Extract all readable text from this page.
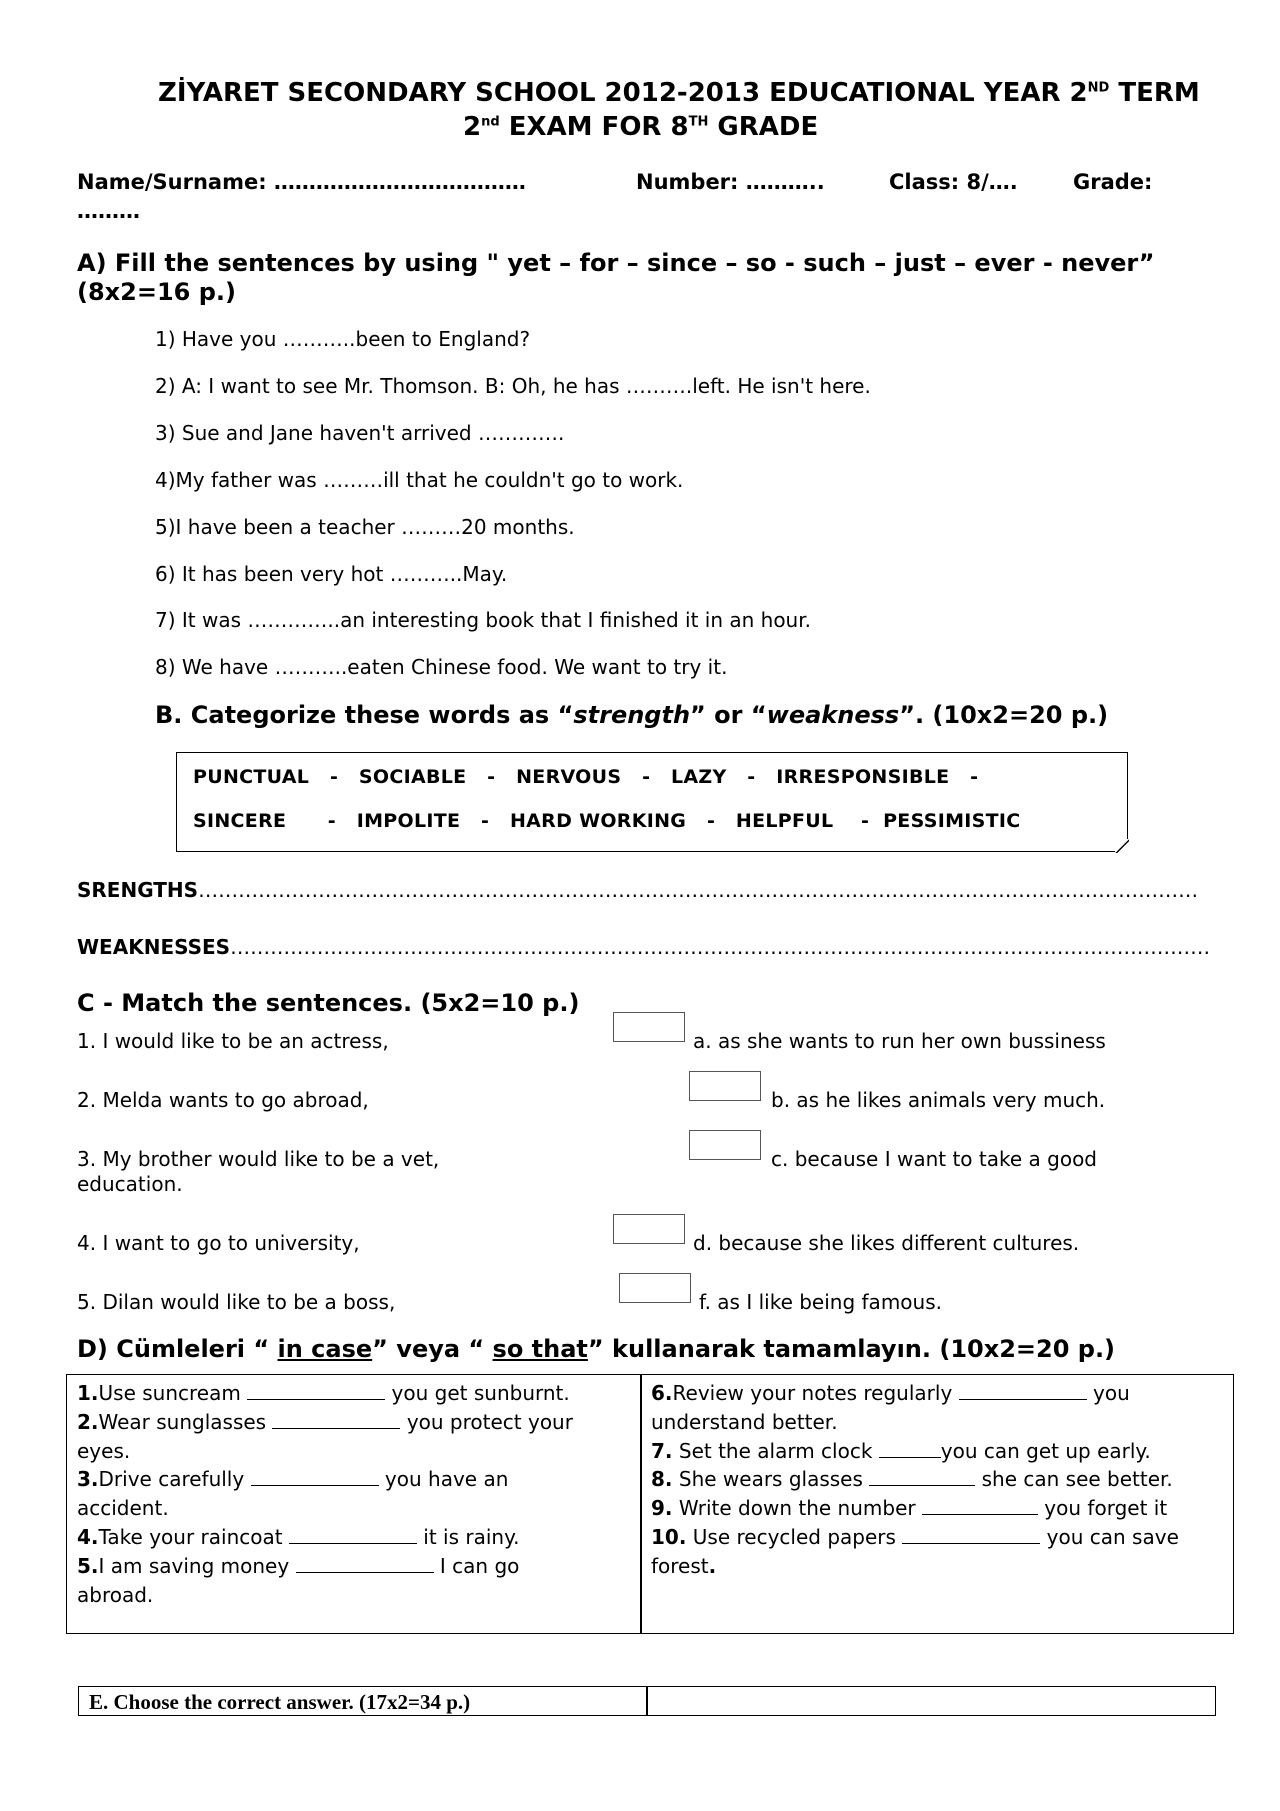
ZİYARET SECONDARY SCHOOL 2012-2013 EDUCATIONAL YEAR 2ND TERM
2nd EXAM FOR 8TH GRADE
Name/Surname: ………………………………	Number: ………..	Class: 8/….	Grade:
………
A) Fill the sentences by using " yet – for – since – so - such – just – ever - never”
(8x2=16 p.)
1) Have you ………..been to England?
2) A: I want to see Mr. Thomson. B: Oh, he has ……….left. He isn't here.
3) Sue and Jane haven't arrived ………….
4)My father was ………ill that he couldn't go to work.
5)I have been a teacher ………20 months.
6) It has been very hot ………..May.
7) It was …………..an interesting book that I finished it in an hour.
8) We have ………..eaten Chinese food. We want to try it.
B. Categorize these words as “strength” or “weakness”. (10x2=20 p.)
PUNCTUAL   -   SOCIABLE   -   NERVOUS   -   LAZY   -   IRRESPONSIBLE   -
SINCERE      -   IMPOLITE   -   HARD WORKING   -   HELPFUL    -  PESSIMISTIC
SRENGTHS……………………………………………………………………………………………………………………………………
WEAKNESSES…………………………………………………………………………………………………………………………………
C - Match the sentences. (5x2=10 p.)
1. I would like to be an actress,	a. as she wants to run her own bussiness
2. Melda wants to go abroad,	b. as he likes animals very much.
3. My brother would like to be a vet,	c. because I want to take a good
education.
4. I want to go to university,	d. because she likes different cultures.
5. Dilan would like to be a boss,	f. as I like being famous.
D) Cümleleri “ in case” veya “ so that” kullanarak tamamlayın. (10x2=20 p.)

1.Use suncream	you get sunburnt.

2.Wear sunglasses	you protect your

eyes.

3.Drive carefully	you have an

accident.

4.Take your raincoat	it is rainy.

5.I am saving money	I can go

abroad.

6.Review your notes regularly	you

understand better.

7. Set the alarm clock	you can get up early.

8. She wears glasses	she can see better.

9. Write down the number	you forget it

10. Use recycled papers	you can save

forest.

E. Choose the correct answer. (17x2=34 p.)
